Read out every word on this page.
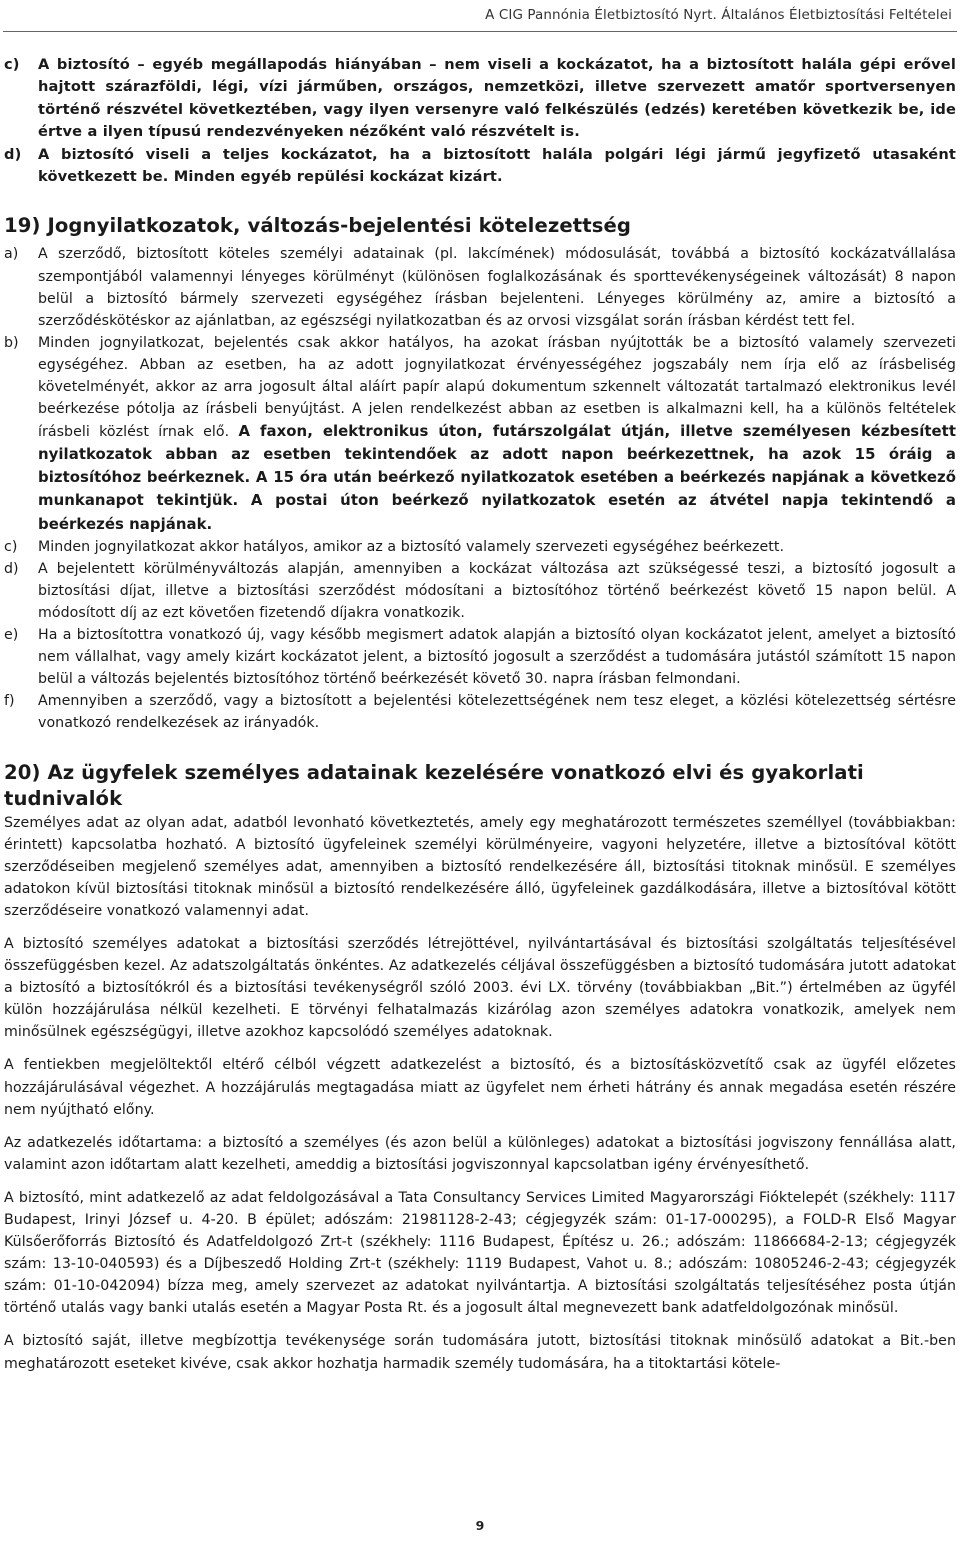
A CIG Pannónia Életbiztosító Nyrt. Általános Életbiztosítási Feltételei
c) A biztosító – egyéb megállapodás hiányában – nem viseli a kockázatot, ha a biztosított halála gépi erővel hajtott szárazföldi, légi, vízi járműben, országos, nemzetközi, illetve szervezett amatőr sportversenyen történő részvétel következtében, vagy ilyen versenyre való felkészülés (edzés) keretében következik be, ide értve a ilyen típusú rendezvényeken nézőként való részvételt is.
d) A biztosító viseli a teljes kockázatot, ha a biztosított halála polgári légi jármű jegyfizető utasaként következett be. Minden egyéb repülési kockázat kizárt.
19) Jognyilatkozatok, változás-bejelentési kötelezettség
a) A szerződő, biztosított köteles személyi adatainak (pl. lakcímének) módosulását, továbbá a biztosító kockázatvállalása szempontjából valamennyi lényeges körülményt (különösen foglalkozásának és sporttevékenységeinek változását) 8 napon belül a biztosító bármely szervezeti egységéhez írásban bejelenteni. Lényeges körülmény az, amire a biztosító a szerződéskötéskor az ajánlatban, az egészségi nyilatkozatban és az orvosi vizsgálat során írásban kérdést tett fel.
b) Minden jognyilatkozat, bejelentés csak akkor hatályos, ha azokat írásban nyújtották be a biztosító valamely szervezeti egységéhez. Abban az esetben, ha az adott jognyilatkozat érvényességéhez jogszabály nem írja elő az írásbeliség követelményét, akkor az arra jogosult által aláírt papír alapú dokumentum szkennelt változatát tartalmazó elektronikus levél beérkezése pótolja az írásbeli benyújtást. A jelen rendelkezést abban az esetben is alkalmazni kell, ha a különös feltételek írásbeli közlést írnak elő. A faxon, elektronikus úton, futárszolgálat útján, illetve személyesen kézbesített nyilatkozatok abban az esetben tekintendőek az adott napon beérkezettnek, ha azok 15 óráig a biztosítóhoz beérkeznek. A 15 óra után beérkező nyilatkozatok esetében a beérkezés napjának a következő munkanapot tekintjük. A postai úton beérkező nyilatkozatok esetén az átvétel napja tekintendő a beérkezés napjának.
c) Minden jognyilatkozat akkor hatályos, amikor az a biztosító valamely szervezeti egységéhez beérkezett.
d) A bejelentett körülményváltozás alapján, amennyiben a kockázat változása azt szükségessé teszi, a biztosító jogosult a biztosítási díjat, illetve a biztosítási szerződést módosítani a biztosítóhoz történő beérkezést követő 15 napon belül. A módosított díj az ezt követően fizetendő díjakra vonatkozik.
e) Ha a biztosítottra vonatkozó új, vagy később megismert adatok alapján a biztosító olyan kockázatot jelent, amelyet a biztosító nem vállalhat, vagy amely kizárt kockázatot jelent, a biztosító jogosult a szerződést a tudomására jutástól számított 15 napon belül a változás bejelentés biztosítóhoz történő beérkezését követő 30. napra írásban felmondani.
f) Amennyiben a szerződő, vagy a biztosított a bejelentési kötelezettségének nem tesz eleget, a közlési kötelezettség sértésre vonatkozó rendelkezések az irányadók.
20) Az ügyfelek személyes adatainak kezelésére vonatkozó elvi és gyakorlati tudnivalók

Személyes adat az olyan adat, adatból levonható következtetés, amely egy meghatározott természetes személlyel (továbbiakban: érintett) kapcsolatba hozható. A biztosító ügyfeleinek személyi körülményeire, vagyoni helyzetére, illetve a biztosítóval kötött szerződéseiben megjelenő személyes adat, amennyiben a biztosító rendelkezésére áll, biztosítási titoknak minősül. E személyes adatokon kívül biztosítási titoknak minősül a biztosító rendelkezésére álló, ügyfeleinek gazdálkodására, illetve a biztosítóval kötött szerződéseire vonatkozó valamennyi adat.

A biztosító személyes adatokat a biztosítási szerződés létrejöttével, nyilvántartásával és biztosítási szolgáltatás teljesítésével összefüggésben kezel. Az adatszolgáltatás önkéntes. Az adatkezelés céljával összefüggésben a biztosító tudomására jutott adatokat a biztosító a biztosítókról és a biztosítási tevékenységről szóló 2003. évi LX. törvény (továbbiakban „Bit.”) értelmében az ügyfél külön hozzájárulása nélkül kezelheti. E törvényi felhatalmazás kizárólag azon személyes adatokra vonatkozik, amelyek nem minősülnek egészségügyi, illetve azokhoz kapcsolódó személyes adatoknak.

A fentiekben megjelöltektől eltérő célból végzett adatkezelést a biztosító, és a biztosításközvetítő csak az ügyfél előzetes hozzájárulásával végezhet. A hozzájárulás megtagadása miatt az ügyfelet nem érheti hátrány és annak megadása esetén részére nem nyújtható előny.

Az adatkezelés időtartama: a biztosító a személyes (és azon belül a különleges) adatokat a biztosítási jogviszony fennállása alatt, valamint azon időtartam alatt kezelheti, ameddig a biztosítási jogviszonnyal kapcsolatban igény érvényesíthető.

A biztosító, mint adatkezelő az adat feldolgozásával a Tata Consultancy Services Limited Magyarországi Fióktelepét (székhely: 1117 Budapest, Irinyi József u. 4-20. B épület; adószám: 21981128-2-43; cégjegyzék szám: 01-17-000295), a FOLD-R Első Magyar Külsőerőforrás Biztosító és Adatfeldolgozó Zrt-t (székhely: 1116 Budapest, Építész u. 26.; adószám: 11866684-2-13; cégjegyzék szám: 13-10-040593) és a Díjbeszedő Holding Zrt-t (székhely: 1119 Budapest, Vahot u. 8.; adószám: 10805246-2-43; cégjegyzék szám: 01-10-042094) bízza meg, amely szervezet az adatokat nyilvántartja. A biztosítási szolgáltatás teljesítéséhez posta útján történő utalás vagy banki utalás esetén a Magyar Posta Rt. és a jogosult által megnevezett bank adatfeldolgozónak minősül.

A biztosító saját, illetve megbízottja tevékenysége során tudomására jutott, biztosítási titoknak minősülő adatokat a Bit.-ben meghatározott eseteket kivéve, csak akkor hozhatja harmadik személy tudomására, ha a titoktartási kötele-

9
